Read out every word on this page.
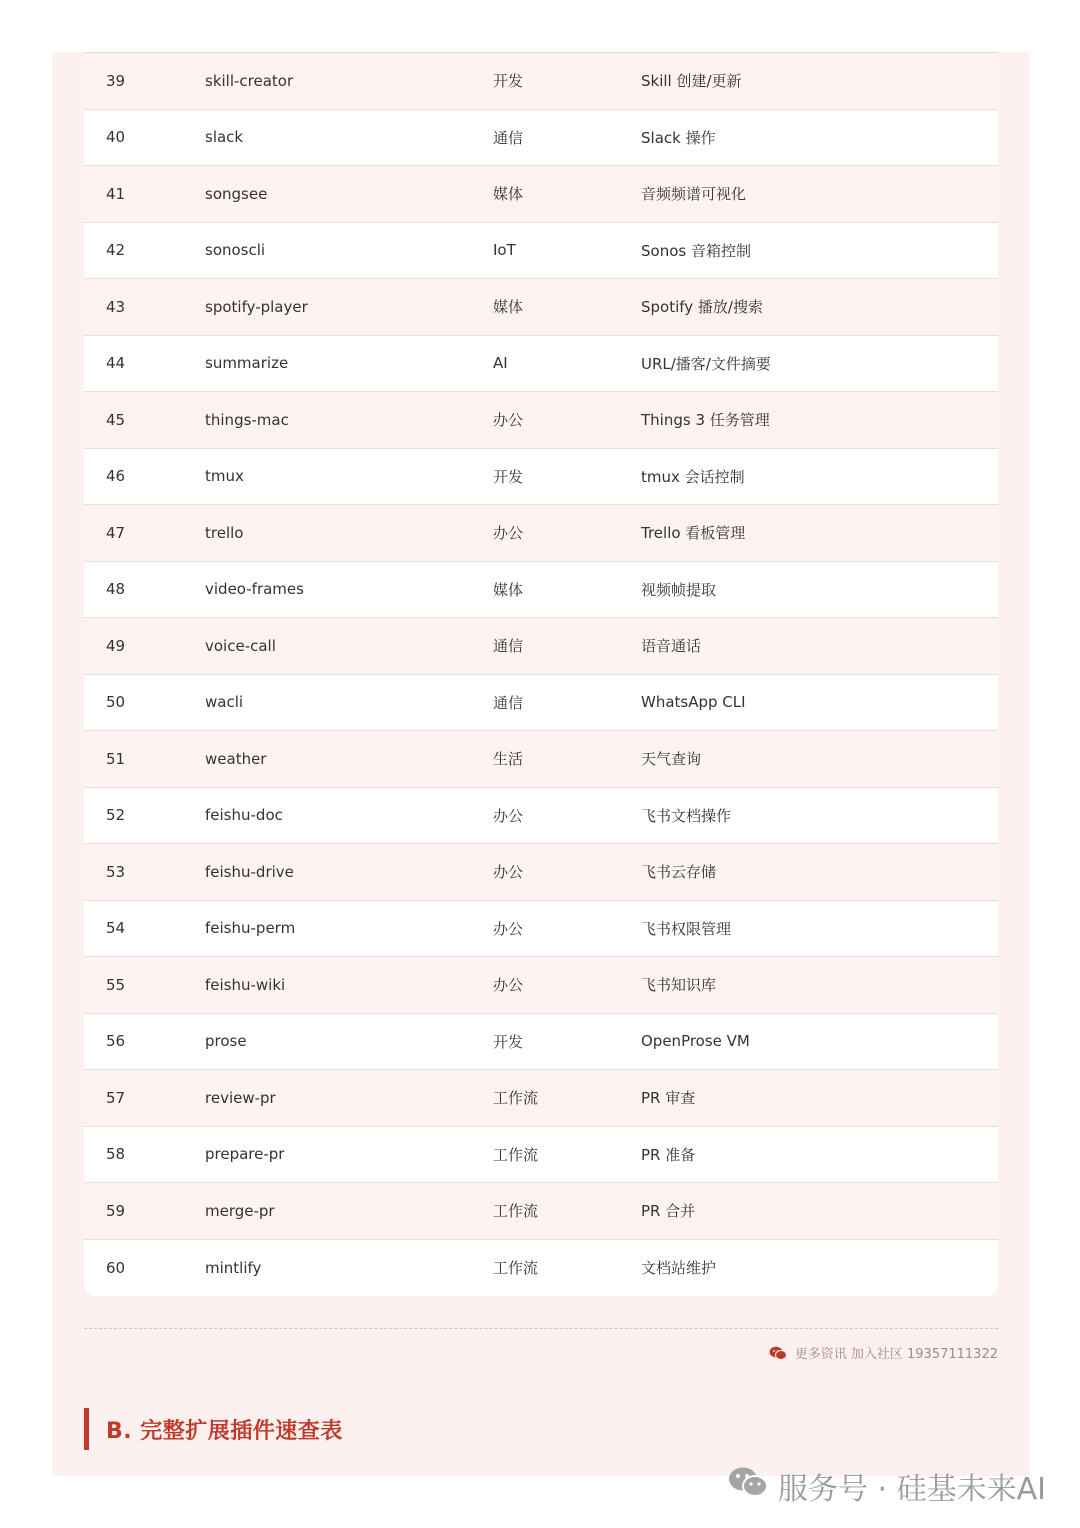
39	skill-creator	开发	Skill 创建/更新
40	slack	通信	Slack 操作
41	songsee	媒体	音频频谱可视化
42	sonoscli	IoT	Sonos 音箱控制
43	spotify-player	媒体	Spotify 播放/搜索
44	summarize	AI	URL/播客/文件摘要
45	things-mac	办公	Things 3 任务管理
46	tmux	开发	tmux 会话控制
47	trello	办公	Trello 看板管理
48	video-frames	媒体	视频帧提取
49	voice-call	通信	语音通话
50	wacli	通信	WhatsApp CLI
51	weather	生活	天气查询
52	feishu-doc	办公	飞书文档操作
53	feishu-drive	办公	飞书云存储
54	feishu-perm	办公	飞书权限管理
55	feishu-wiki	办公	飞书知识库
56	prose	开发	OpenProse VM
57	review-pr	工作流	PR 审查
58	prepare-pr	工作流	PR 准备
59	merge-pr	工作流	PR 合并
60	mintlify	工作流	文档站维护
更多资讯 加入社区 19357111322
B. 完整扩展插件速查表
服务号 · 硅基未来AI
